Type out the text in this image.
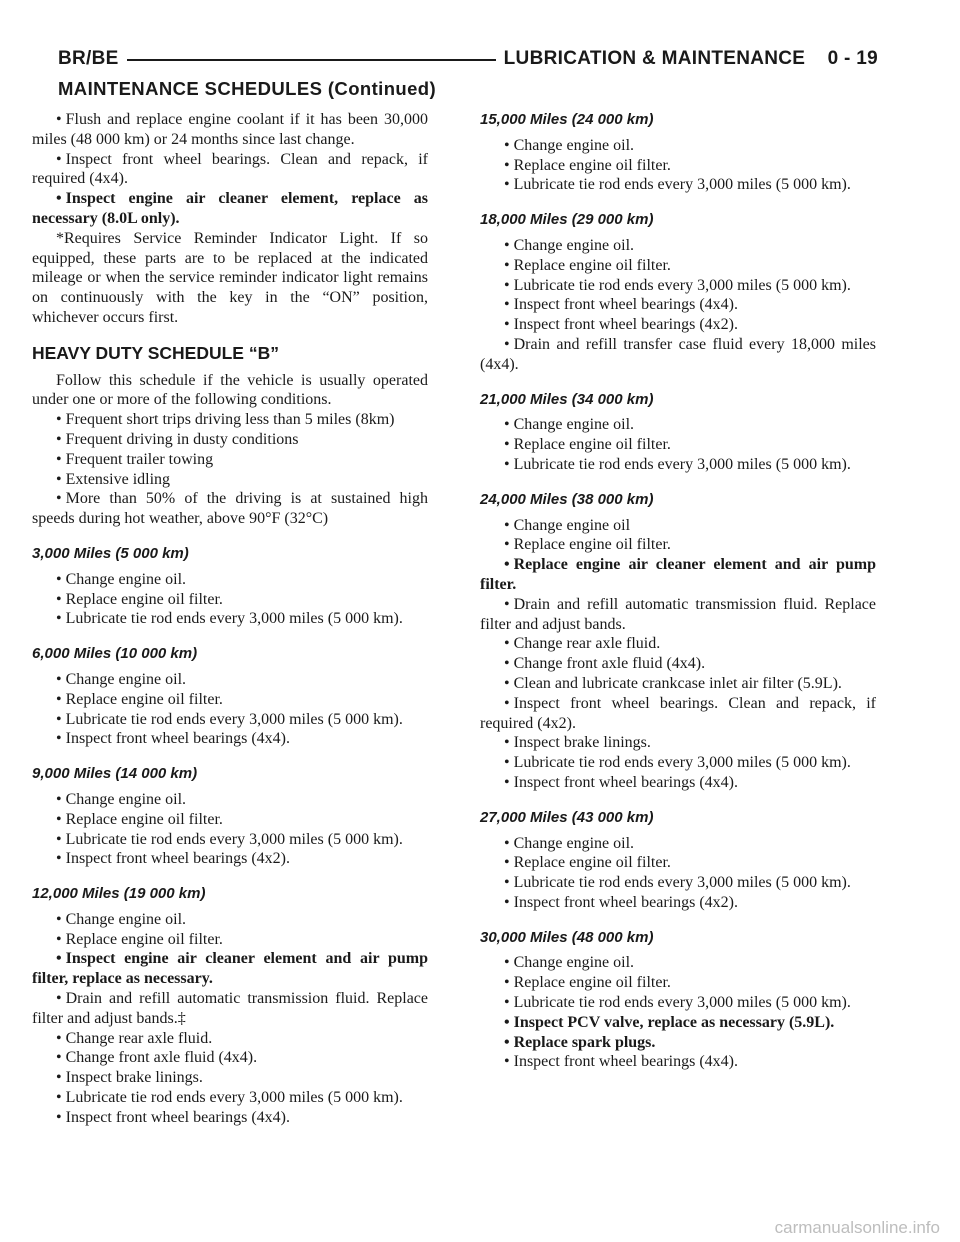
BR/BE	LUBRICATION & MAINTENANCE    0 - 19
MAINTENANCE SCHEDULES (Continued)

• Flush and replace engine coolant if it has been 30,000 miles (48 000 km) or 24 months since last change.

• Inspect front wheel bearings. Clean and repack, if required (4x4).

• Inspect engine air cleaner element, replace as necessary (8.0L only).

*Requires Service Reminder Indicator Light. If so equipped, these parts are to be replaced at the indicated mileage or when the service reminder indicator light remains on continuously with the key in the “ON” position, whichever occurs first.

HEAVY DUTY SCHEDULE “B”

Follow this schedule if the vehicle is usually operated under one or more of the following conditions.

• Frequent short trips driving less than 5 miles (8km)

• Frequent driving in dusty conditions

• Frequent trailer towing

• Extensive idling

• More than 50% of the driving is at sustained high speeds during hot weather, above 90°F (32°C)

3,000 Miles (5 000 km)

• Change engine oil.

• Replace engine oil filter.

• Lubricate tie rod ends every 3,000 miles (5 000 km).

6,000 Miles (10 000 km)

• Change engine oil.

• Replace engine oil filter.

• Lubricate tie rod ends every 3,000 miles (5 000 km).

• Inspect front wheel bearings (4x4).

9,000 Miles (14 000 km)

• Change engine oil.

• Replace engine oil filter.

• Lubricate tie rod ends every 3,000 miles (5 000 km).

• Inspect front wheel bearings (4x2).

12,000 Miles (19 000 km)

• Change engine oil.

• Replace engine oil filter.

• Inspect engine air cleaner element and air pump filter, replace as necessary.

• Drain and refill automatic transmission fluid. Replace filter and adjust bands.‡

• Change rear axle fluid.

• Change front axle fluid (4x4).

• Inspect brake linings.

• Lubricate tie rod ends every 3,000 miles (5 000 km).

• Inspect front wheel bearings (4x4).

15,000 Miles (24 000 km)

• Change engine oil.

• Replace engine oil filter.

• Lubricate tie rod ends every 3,000 miles (5 000 km).

18,000 Miles (29 000 km)

• Change engine oil.

• Replace engine oil filter.

• Lubricate tie rod ends every 3,000 miles (5 000 km).

• Inspect front wheel bearings (4x4).

• Inspect front wheel bearings (4x2).

• Drain and refill transfer case fluid every 18,000 miles (4x4).

21,000 Miles (34 000 km)

• Change engine oil.

• Replace engine oil filter.

• Lubricate tie rod ends every 3,000 miles (5 000 km).

24,000 Miles (38 000 km)

• Change engine oil

• Replace engine oil filter.

• Replace engine air cleaner element and air pump filter.

• Drain and refill automatic transmission fluid. Replace filter and adjust bands.

• Change rear axle fluid.

• Change front axle fluid (4x4).

• Clean and lubricate crankcase inlet air filter (5.9L).

• Inspect front wheel bearings. Clean and repack, if required (4x2).

• Inspect brake linings.

• Lubricate tie rod ends every 3,000 miles (5 000 km).

• Inspect front wheel bearings (4x4).

27,000 Miles (43 000 km)

• Change engine oil.

• Replace engine oil filter.

• Lubricate tie rod ends every 3,000 miles (5 000 km).

• Inspect front wheel bearings (4x2).

30,000 Miles (48 000 km)

• Change engine oil.

• Replace engine oil filter.

• Lubricate tie rod ends every 3,000 miles (5 000 km).

• Inspect PCV valve, replace as necessary (5.9L).

• Replace spark plugs.

• Inspect front wheel bearings (4x4).

carmanualsonline.info
